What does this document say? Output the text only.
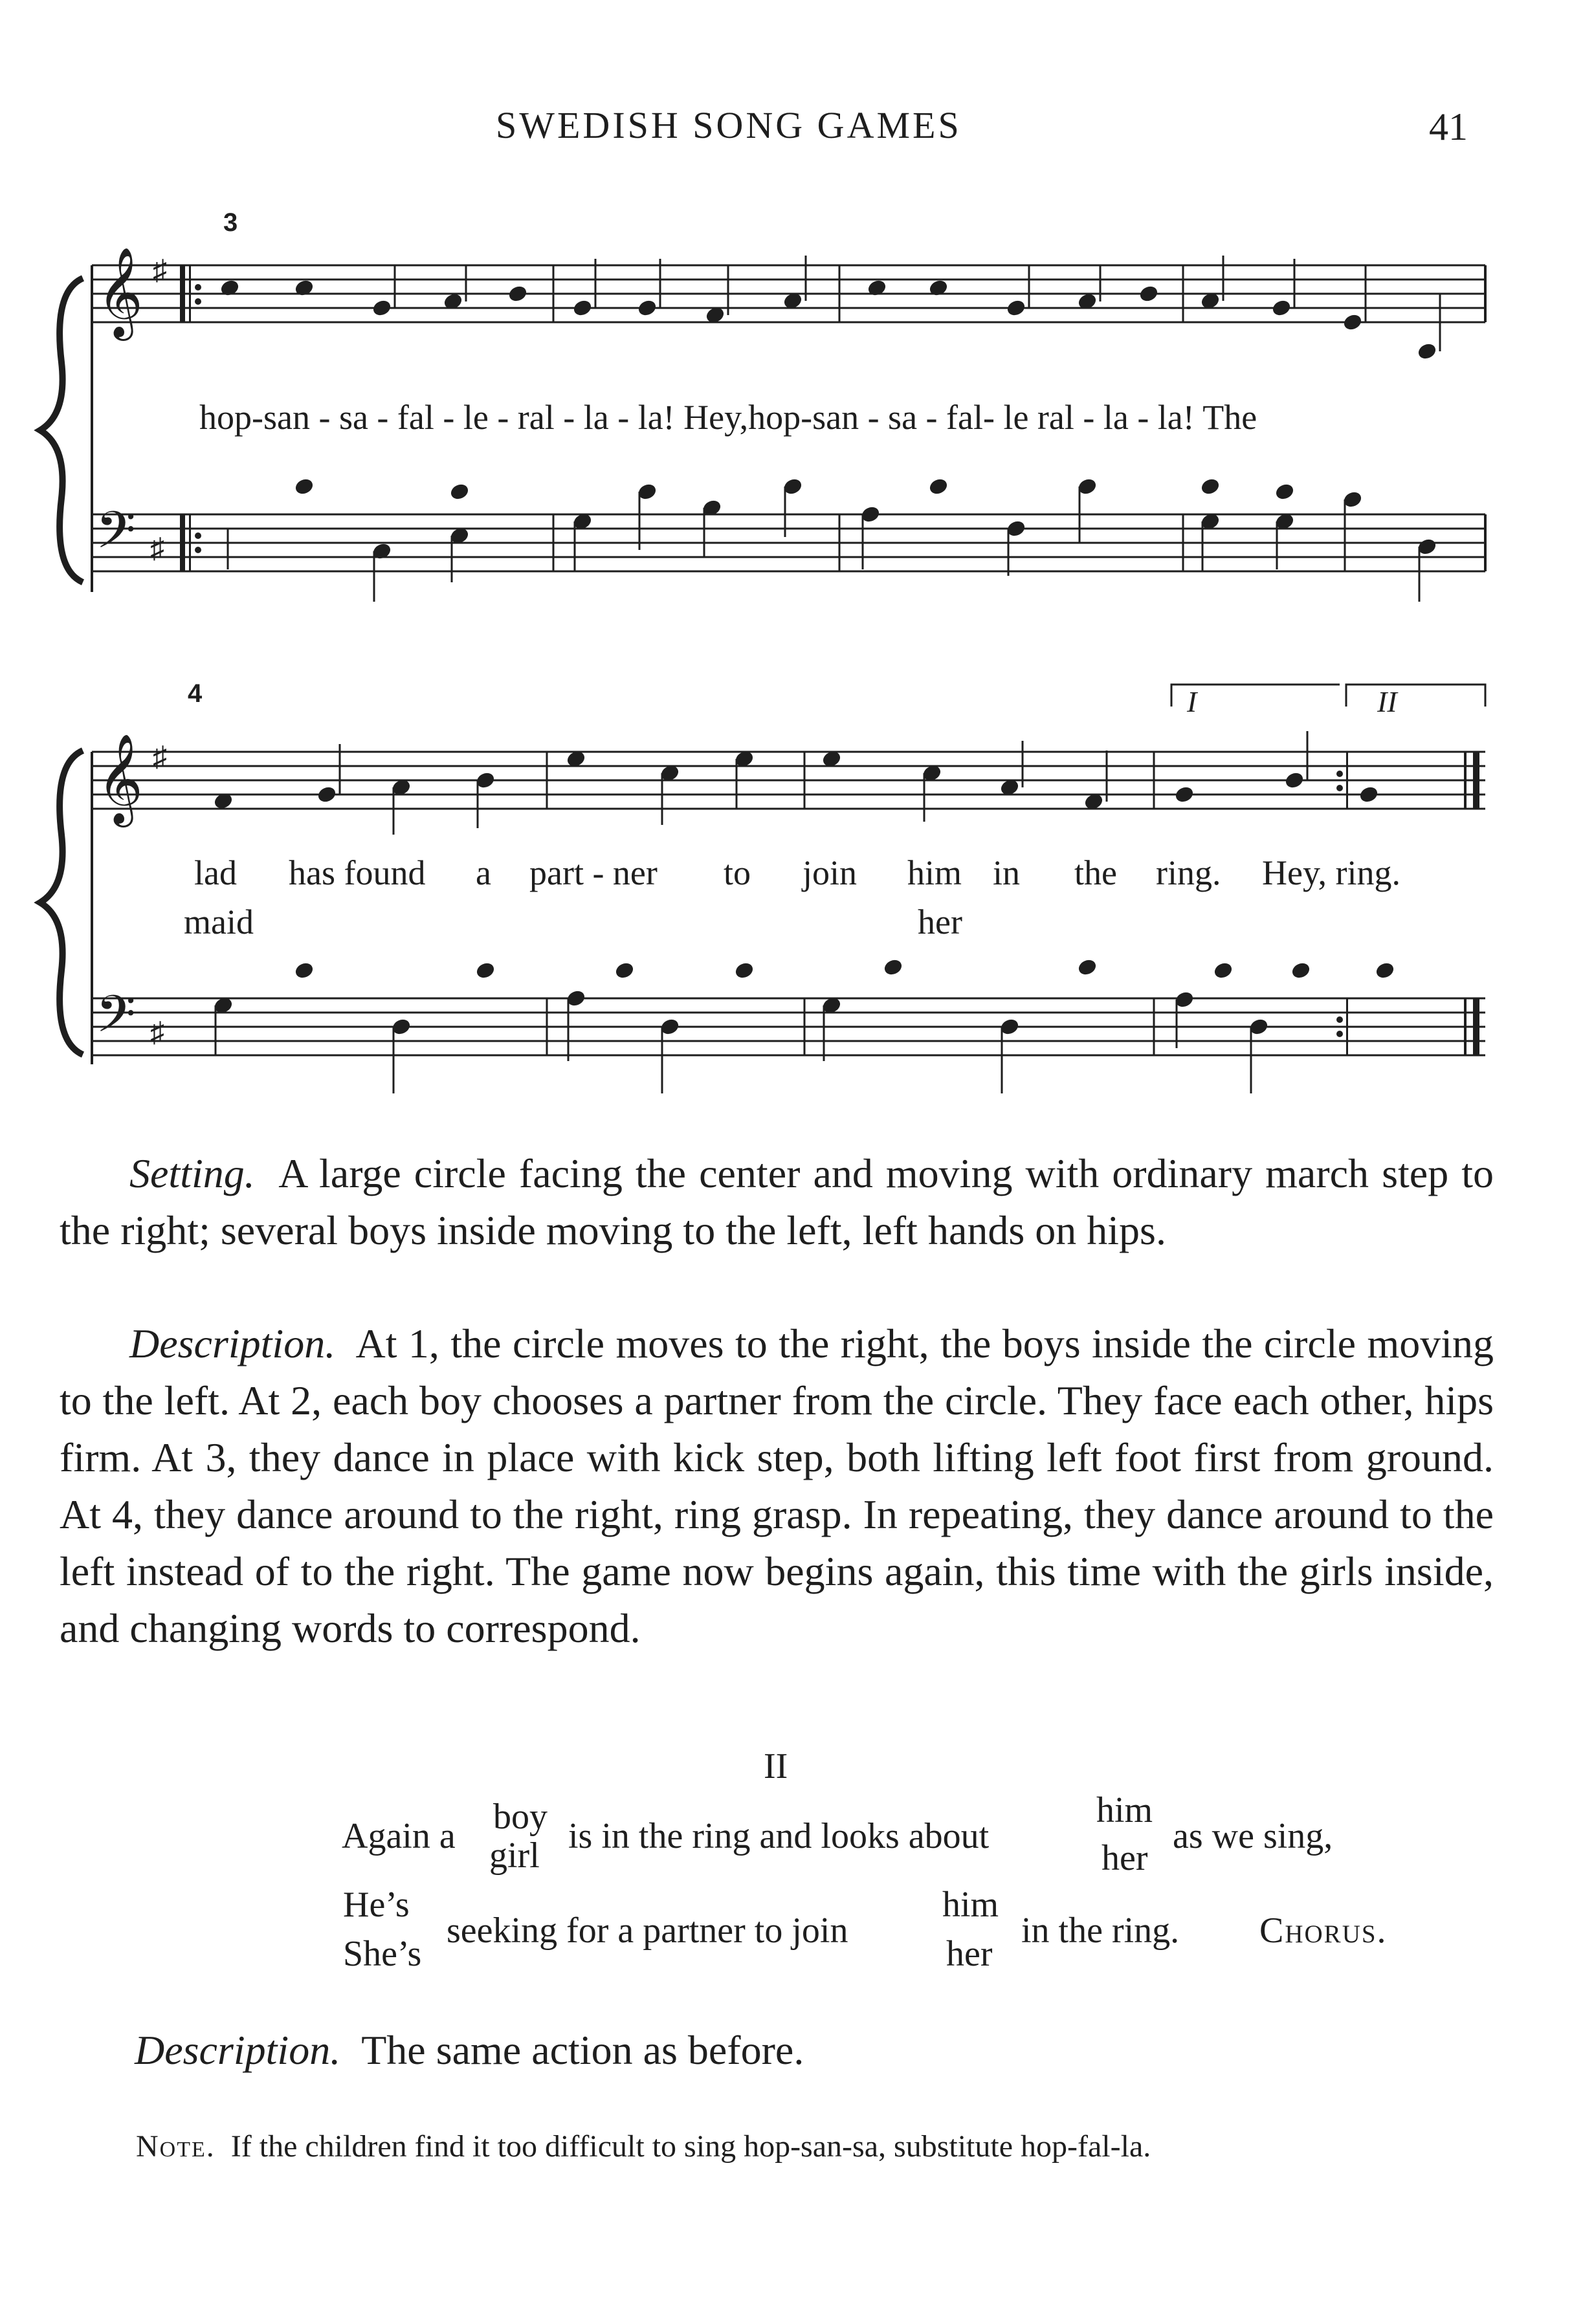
SWEDISH SONG GAMES	41
3
𝄞
𝄢
♯
♯
hop-san - sa - fal - le - ral - la - la! Hey,hop-san - sa - fal- le ral - la - la! The
4
𝄞
𝄢
♯
♯
I	II
lad has found a part - ner to join him in the ring. Hey, ring.
maid	her
Setting. A large circle facing the center and moving with ordinary march step to the right; several boys inside moving to the left, left hands on hips.
Description. At 1, the circle moves to the right, the boys inside the circle moving to the left. At 2, each boy chooses a partner from the circle. They face each other, hips firm. At 3, they dance in place with kick step, both lifting left foot first from ground. At 4, they dance around to the right, ring grasp. In repeating, they dance around to the left instead of to the right. The game now begins again, this time with the girls inside, and changing words to correspond.
II
Again a boy
girl is in the ring and looks about
him
her
as we sing,
He’s
She’s
seeking for a partner to join
him
her
in the ring. Chorus.
Description. The same action as before.
Note. If the children find it too difficult to sing hop-san-sa, substitute hop-fal-la.
